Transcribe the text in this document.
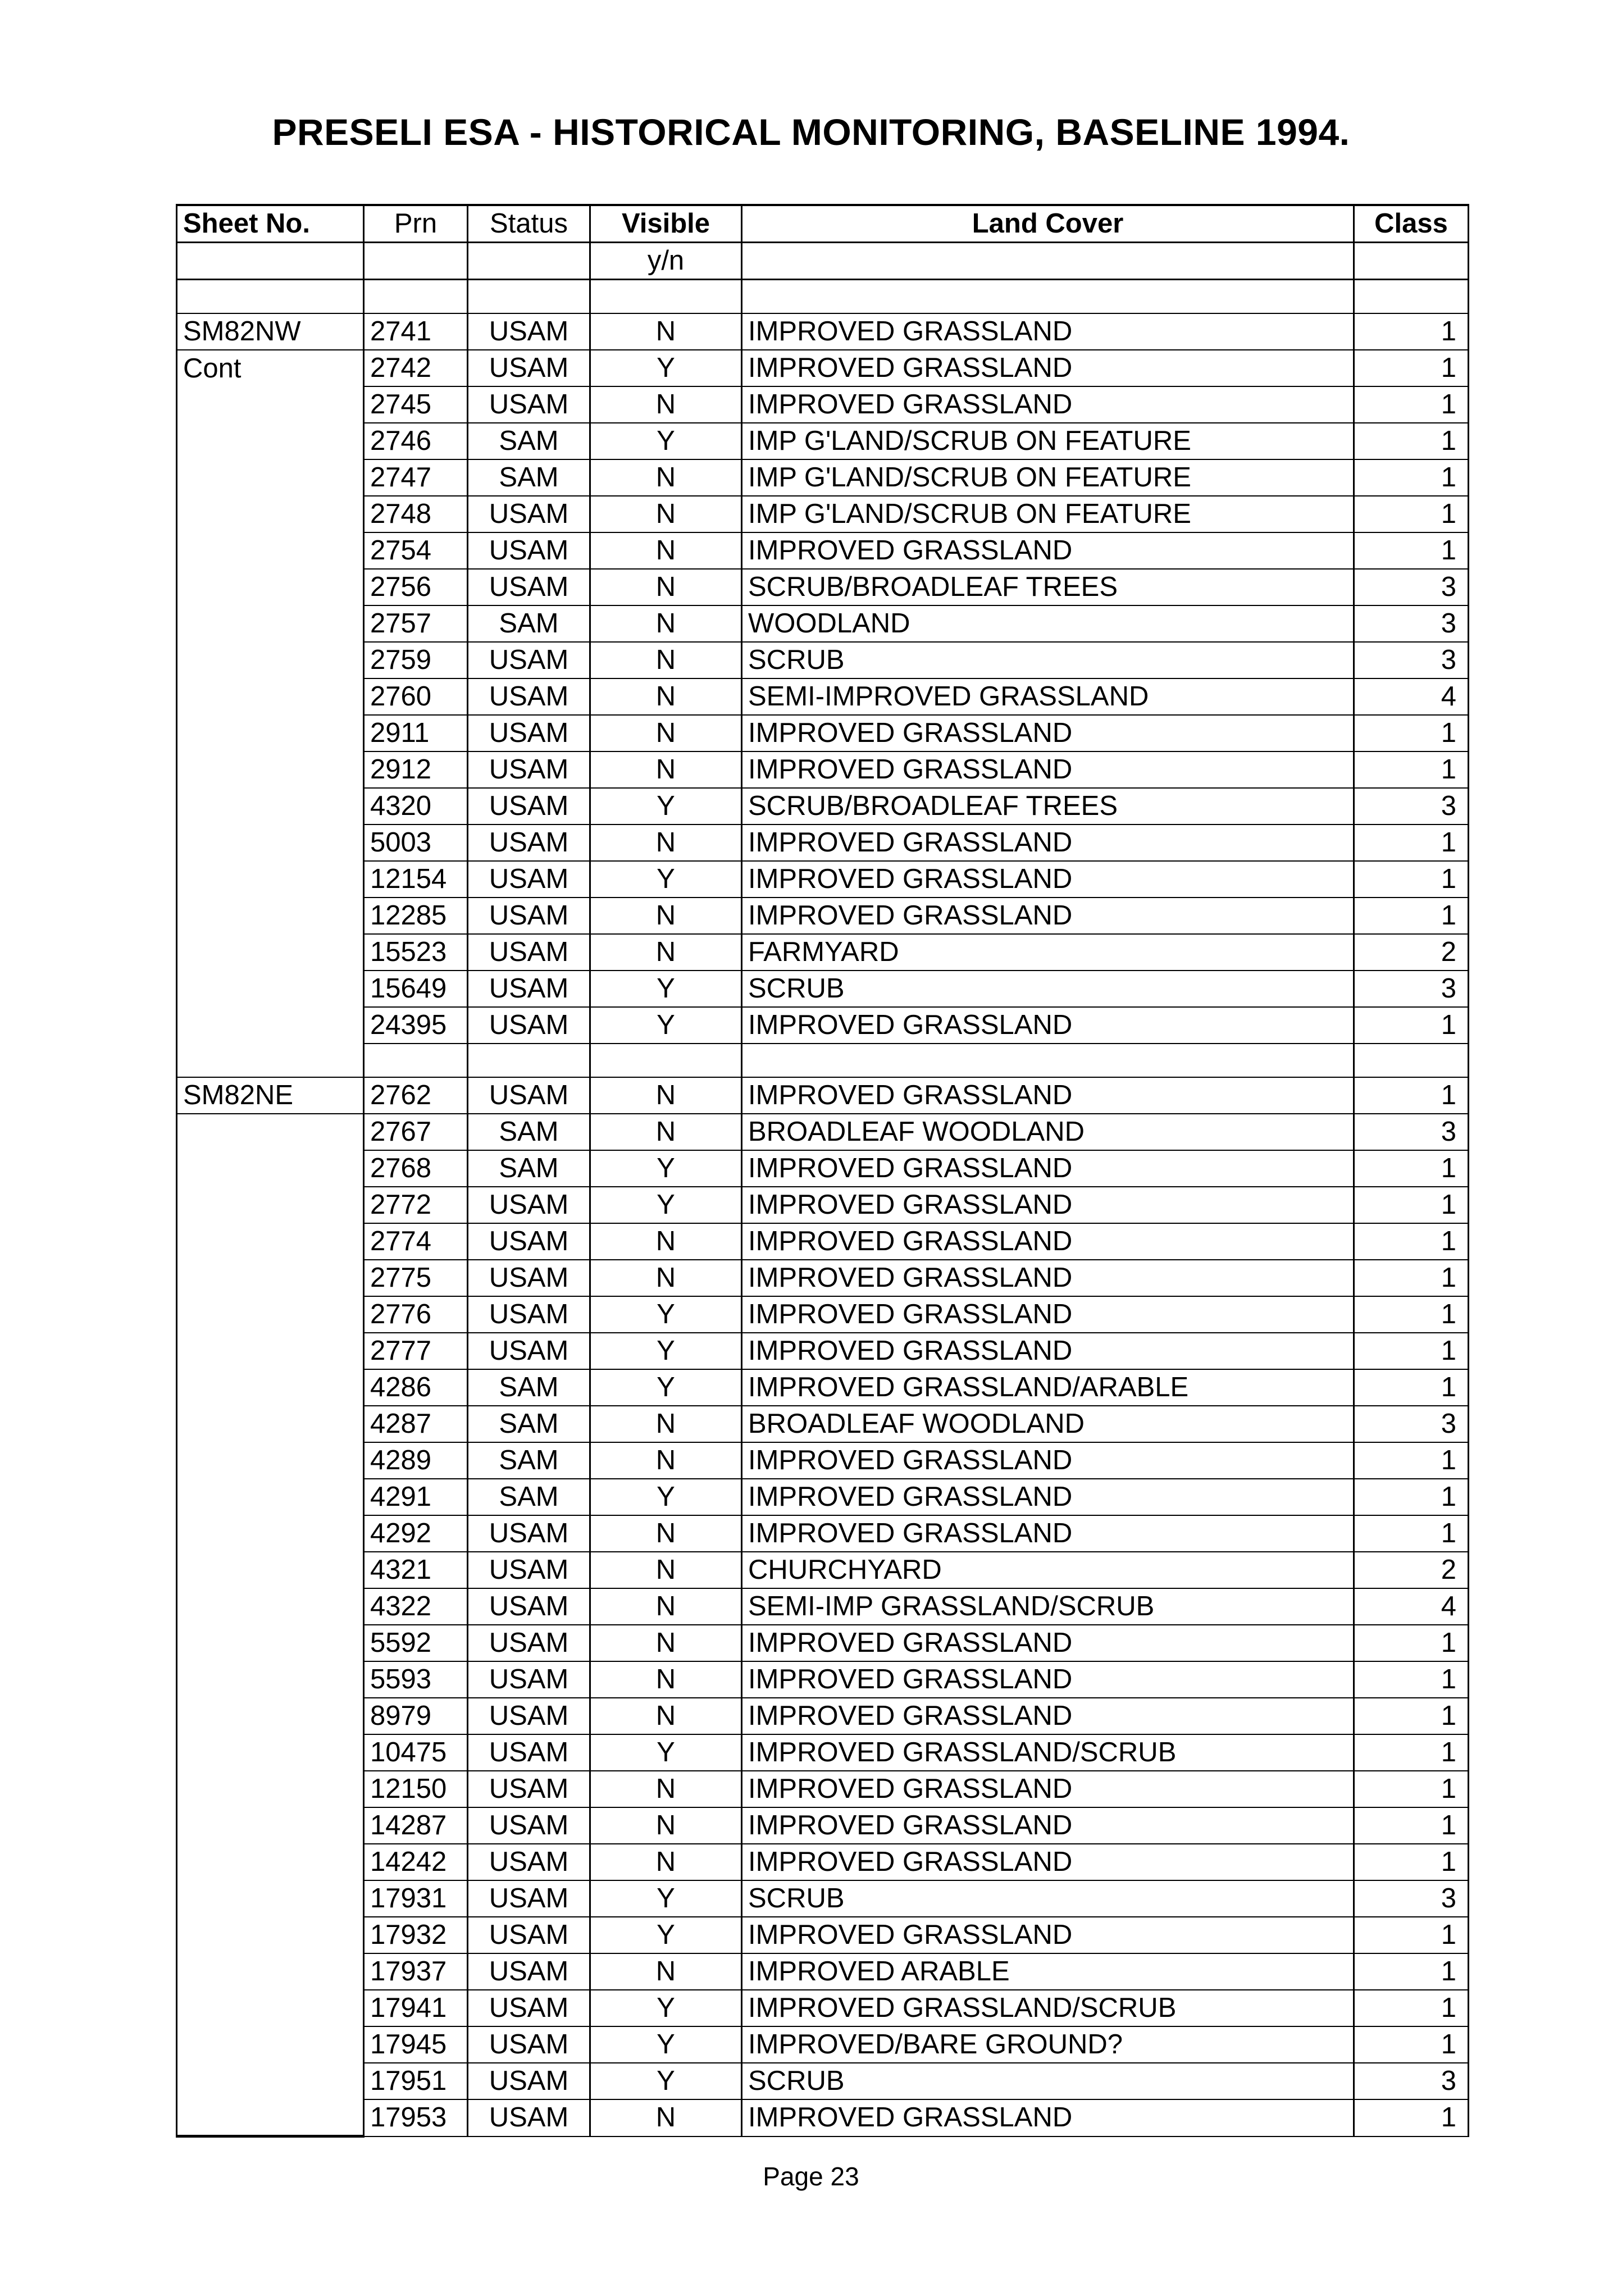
PRESELI ESA - HISTORICAL MONITORING, BASELINE 1994.
Sheet No.	Prn	Status	Visible	Land Cover	Class
			y/n		

SM82NW	2741	USAM	N	IMPROVED GRASSLAND	1
Cont	2742	USAM	Y	IMPROVED GRASSLAND	1
	2745	USAM	N	IMPROVED GRASSLAND	1
	2746	SAM	Y	IMP G'LAND/SCRUB ON FEATURE	1
	2747	SAM	N	IMP G'LAND/SCRUB ON FEATURE	1
	2748	USAM	N	IMP G'LAND/SCRUB ON FEATURE	1
	2754	USAM	N	IMPROVED GRASSLAND	1
	2756	USAM	N	SCRUB/BROADLEAF TREES	3
	2757	SAM	N	WOODLAND	3
	2759	USAM	N	SCRUB	3
	2760	USAM	N	SEMI-IMPROVED GRASSLAND	4
	2911	USAM	N	IMPROVED GRASSLAND	1
	2912	USAM	N	IMPROVED GRASSLAND	1
	4320	USAM	Y	SCRUB/BROADLEAF TREES	3
	5003	USAM	N	IMPROVED GRASSLAND	1
	12154	USAM	Y	IMPROVED GRASSLAND	1
	12285	USAM	N	IMPROVED GRASSLAND	1
	15523	USAM	N	FARMYARD	2
	15649	USAM	Y	SCRUB	3
	24395	USAM	Y	IMPROVED GRASSLAND	1

SM82NE	2762	USAM	N	IMPROVED GRASSLAND	1
	2767	SAM	N	BROADLEAF WOODLAND	3
	2768	SAM	Y	IMPROVED GRASSLAND	1
	2772	USAM	Y	IMPROVED GRASSLAND	1
	2774	USAM	N	IMPROVED GRASSLAND	1
	2775	USAM	N	IMPROVED GRASSLAND	1
	2776	USAM	Y	IMPROVED GRASSLAND	1
	2777	USAM	Y	IMPROVED GRASSLAND	1
	4286	SAM	Y	IMPROVED GRASSLAND/ARABLE	1
	4287	SAM	N	BROADLEAF WOODLAND	3
	4289	SAM	N	IMPROVED GRASSLAND	1
	4291	SAM	Y	IMPROVED GRASSLAND	1
	4292	USAM	N	IMPROVED GRASSLAND	1
	4321	USAM	N	CHURCHYARD	2
	4322	USAM	N	SEMI-IMP GRASSLAND/SCRUB	4
	5592	USAM	N	IMPROVED GRASSLAND	1
	5593	USAM	N	IMPROVED GRASSLAND	1
	8979	USAM	N	IMPROVED GRASSLAND	1
	10475	USAM	Y	IMPROVED GRASSLAND/SCRUB	1
	12150	USAM	N	IMPROVED GRASSLAND	1
	14287	USAM	N	IMPROVED GRASSLAND	1
	14242	USAM	N	IMPROVED GRASSLAND	1
	17931	USAM	Y	SCRUB	3
	17932	USAM	Y	IMPROVED GRASSLAND	1
	17937	USAM	N	IMPROVED ARABLE	1
	17941	USAM	Y	IMPROVED GRASSLAND/SCRUB	1
	17945	USAM	Y	IMPROVED/BARE GROUND?	1
	17951	USAM	Y	SCRUB	3
	17953	USAM	N	IMPROVED GRASSLAND	1
Page 23
